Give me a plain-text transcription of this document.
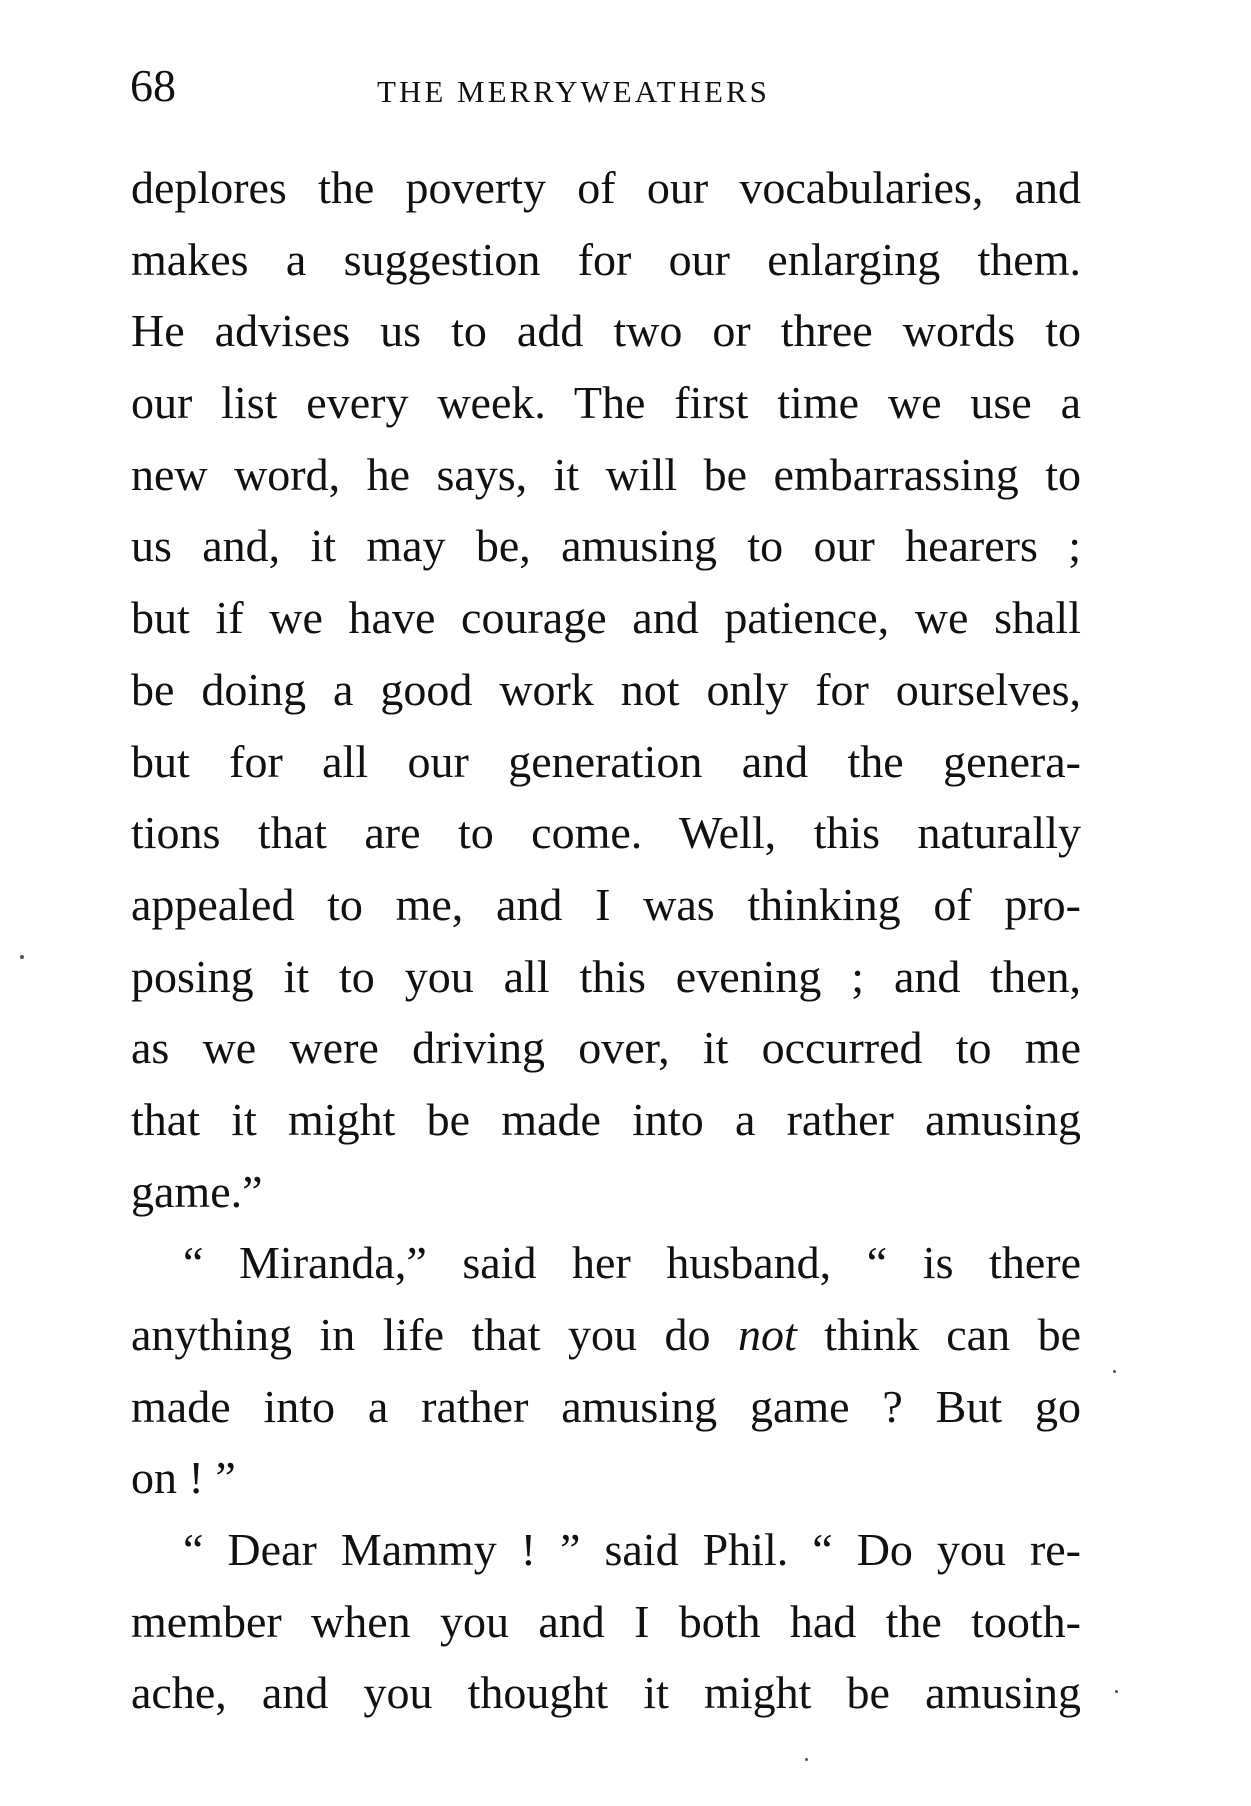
68	THE MERRYWEATHERS
deplores the poverty of our vocabularies, and
makes a suggestion for our enlarging them.
He advises us to add two or three words to
our list every week. The first time we use a
new word, he says, it will be embarrassing to
us and, it may be, amusing to our hearers ;
but if we have courage and patience, we shall
be doing a good work not only for ourselves,
but for all our generation and the genera-
tions that are to come. Well, this naturally
appealed to me, and I was thinking of pro-
posing it to you all this evening ; and then,
as we were driving over, it occurred to me
that it might be made into a rather amusing
game.”
“ Miranda,” said her husband, “ is there
anything in life that you do not think can be
made into a rather amusing game ? But go
on ! ”
“ Dear Mammy ! ” said Phil. “ Do you re-
member when you and I both had the tooth-
ache, and you thought it might be amusing
